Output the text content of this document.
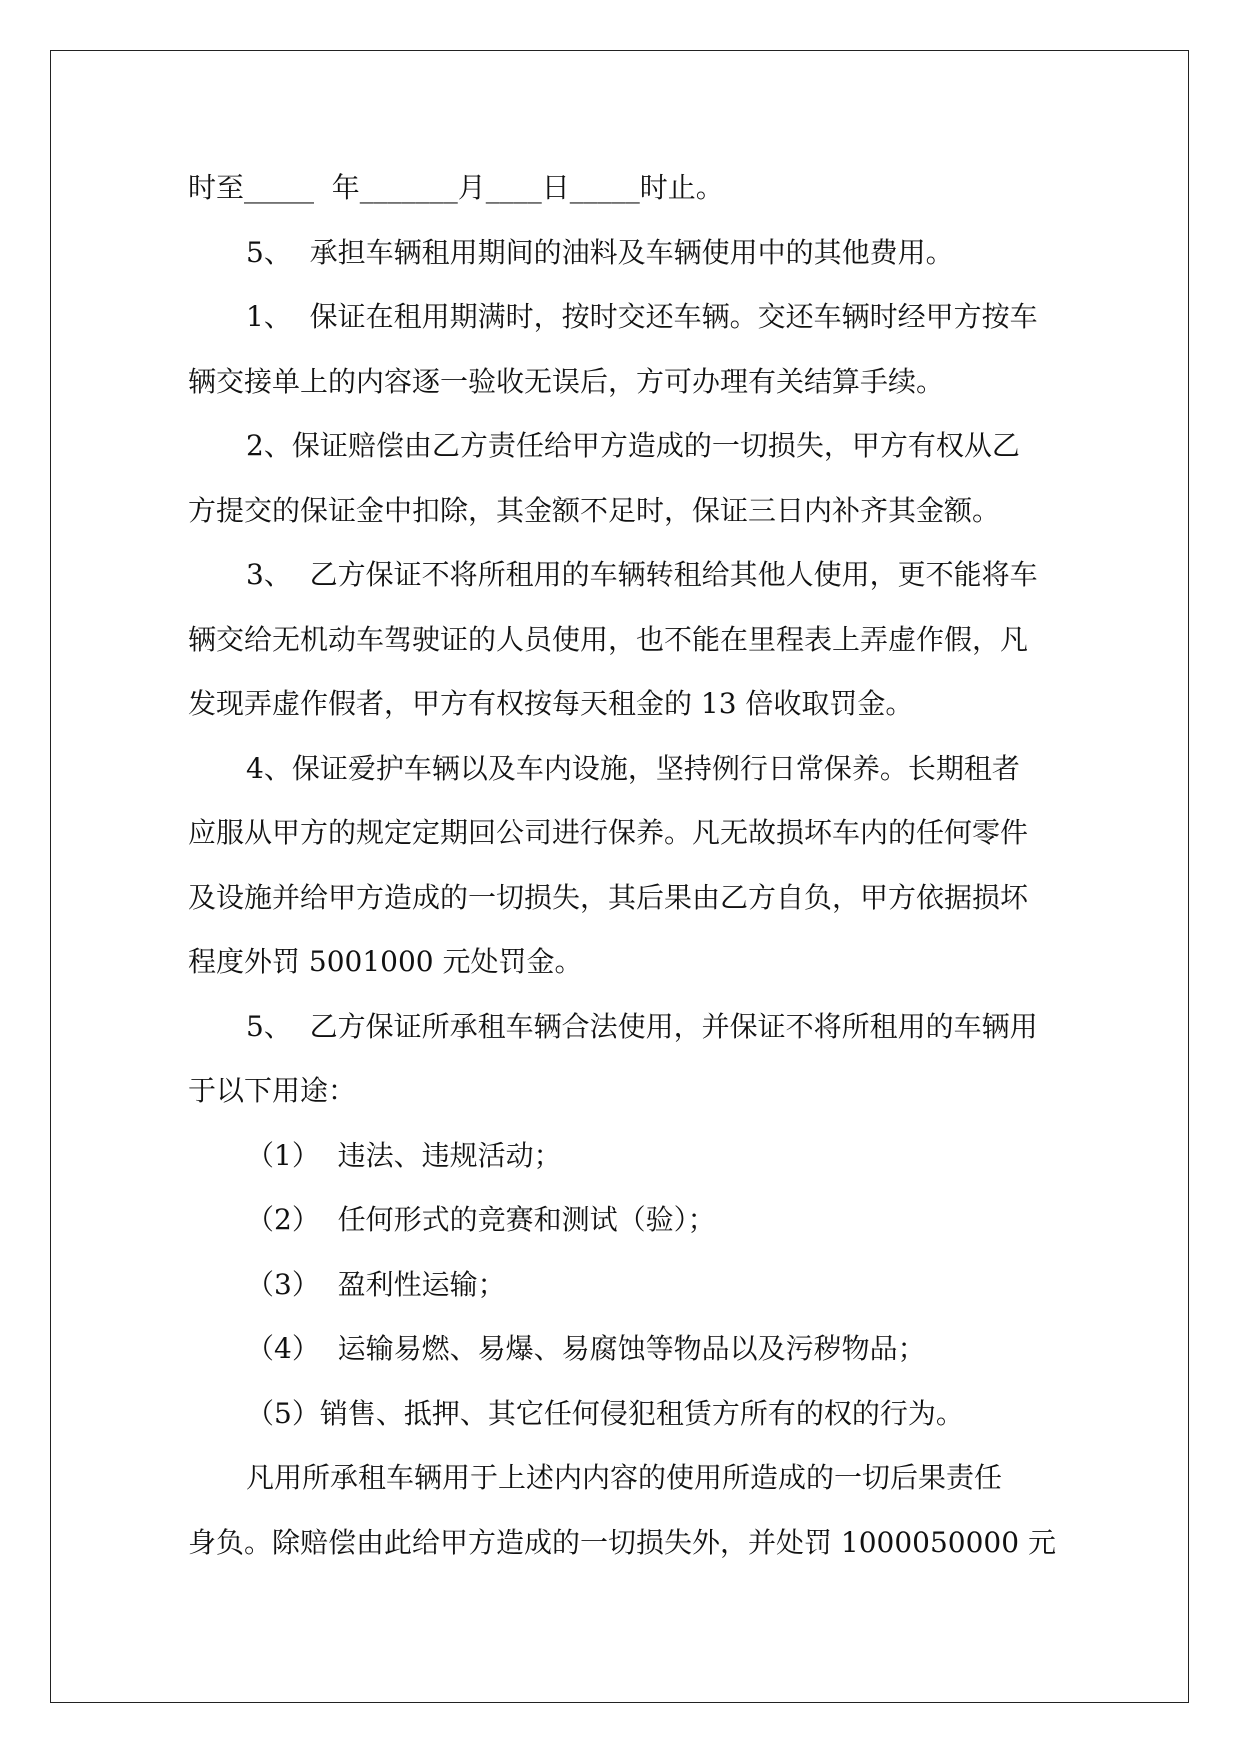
时至_____  年_______月____日_____时止。
5、  承担车辆租用期间的油料及车辆使用中的其他费用。
1、  保证在租用期满时，按时交还车辆。交还车辆时经甲方按车
辆交接单上的内容逐一验收无误后，方可办理有关结算手续。
2、保证赔偿由乙方责任给甲方造成的一切损失，甲方有权从乙
方提交的保证金中扣除，其金额不足时，保证三日内补齐其金额。
3、  乙方保证不将所租用的车辆转租给其他人使用，更不能将车
辆交给无机动车驾驶证的人员使用，也不能在里程表上弄虚作假，凡
发现弄虚作假者，甲方有权按每天租金的 13 倍收取罚金。
4、保证爱护车辆以及车内设施，坚持例行日常保养。长期租者
应服从甲方的规定定期回公司进行保养。凡无故损坏车内的任何零件
及设施并给甲方造成的一切损失，其后果由乙方自负，甲方依据损坏
程度外罚 5001000 元处罚金。
5、  乙方保证所承租车辆合法使用，并保证不将所租用的车辆用
于以下用途：
（1）  违法、违规活动；
（2）  任何形式的竞赛和测试（验）；
（3）  盈利性运输；
（4）  运输易燃、易爆、易腐蚀等物品以及污秽物品；
（5）销售、抵押、其它任何侵犯租赁方所有的权的行为。
凡用所承租车辆用于上述内内容的使用所造成的一切后果责任
身负。除赔偿由此给甲方造成的一切损失外，并处罚 1000050000 元
